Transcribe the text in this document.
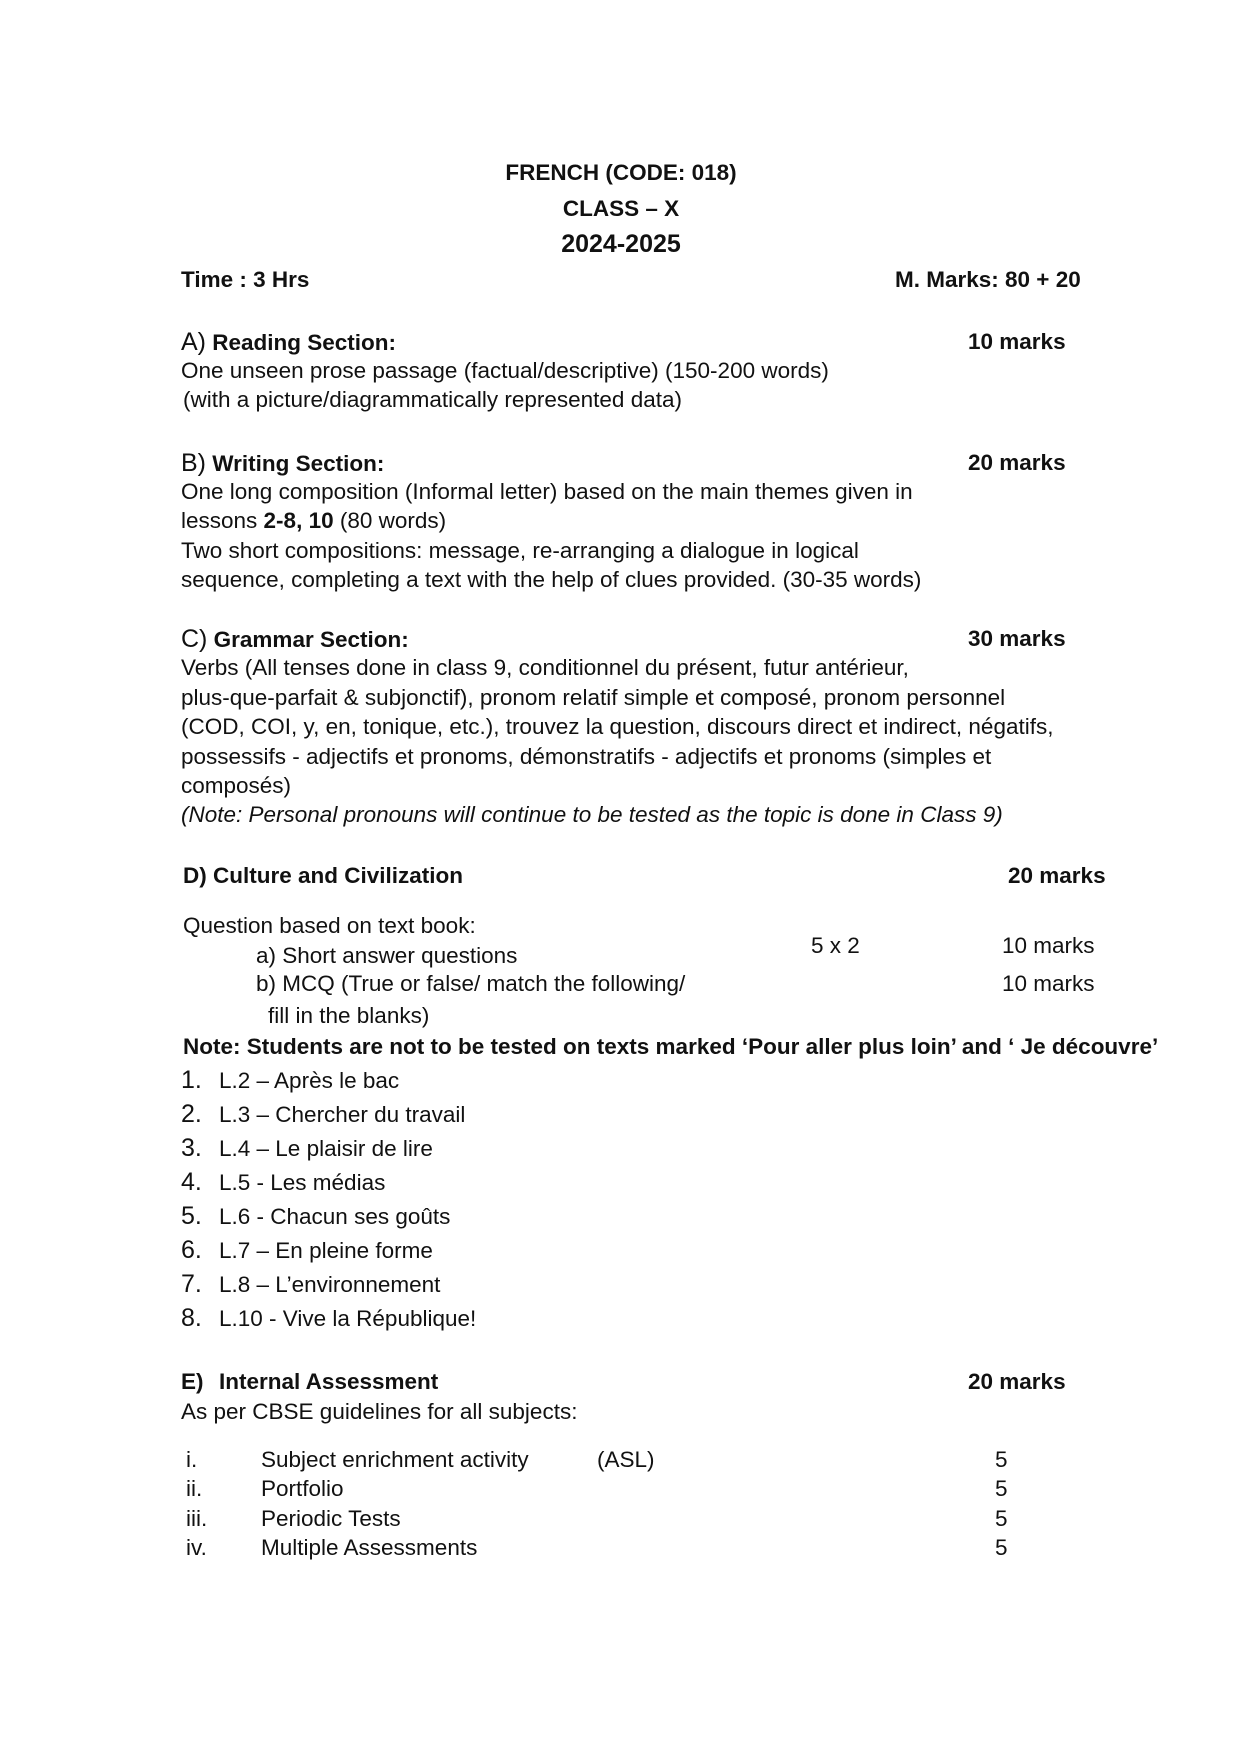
FRENCH (CODE: 018)
CLASS – X
2024-2025
Time : 3 Hrs	M. Marks: 80 + 20
A) Reading Section:	10 marks
One unseen prose passage (factual/descriptive) (150-200 words)
(with a picture/diagrammatically represented data)
B) Writing Section:	20 marks
One long composition (Informal letter) based on the main themes given in
lessons 2-8, 10 (80 words)
Two short compositions: message, re-arranging a dialogue in logical
sequence, completing a text with the help of clues provided. (30-35 words)
C) Grammar Section:	30 marks
Verbs (All tenses done in class 9, conditionnel du présent, futur antérieur,
plus-que-parfait & subjonctif), pronom relatif simple et composé, pronom personnel
(COD, COI, y, en, tonique, etc.), trouvez la question, discours direct et indirect, négatifs,
possessifs - adjectifs et pronoms, démonstratifs - adjectifs et pronoms (simples et
composés)
(Note: Personal pronouns will continue to be tested as the topic is done in Class 9)
D) Culture and Civilization	20 marks
Question based on text book:
a) Short answer questions	5 x 2	10 marks
b) MCQ (True or false/ match the following/	10 marks
fill in the blanks)
Note: Students are not to be tested on texts marked ‘Pour aller plus loin’ and ‘ Je découvre’
1. L.2 – Après le bac
2. L.3 – Chercher du travail
3. L.4 – Le plaisir de lire
4. L.5 - Les médias
5. L.6 - Chacun ses goûts
6. L.7 – En pleine forme
7. L.8 – L’environnement
8. L.10 - Vive la République!
E) Internal Assessment	20 marks
As per CBSE guidelines for all subjects:
i.	Subject enrichment activity	(ASL)	5
ii.	Portfolio	5
iii. Periodic Tests	5
iv. Multiple Assessments	5
